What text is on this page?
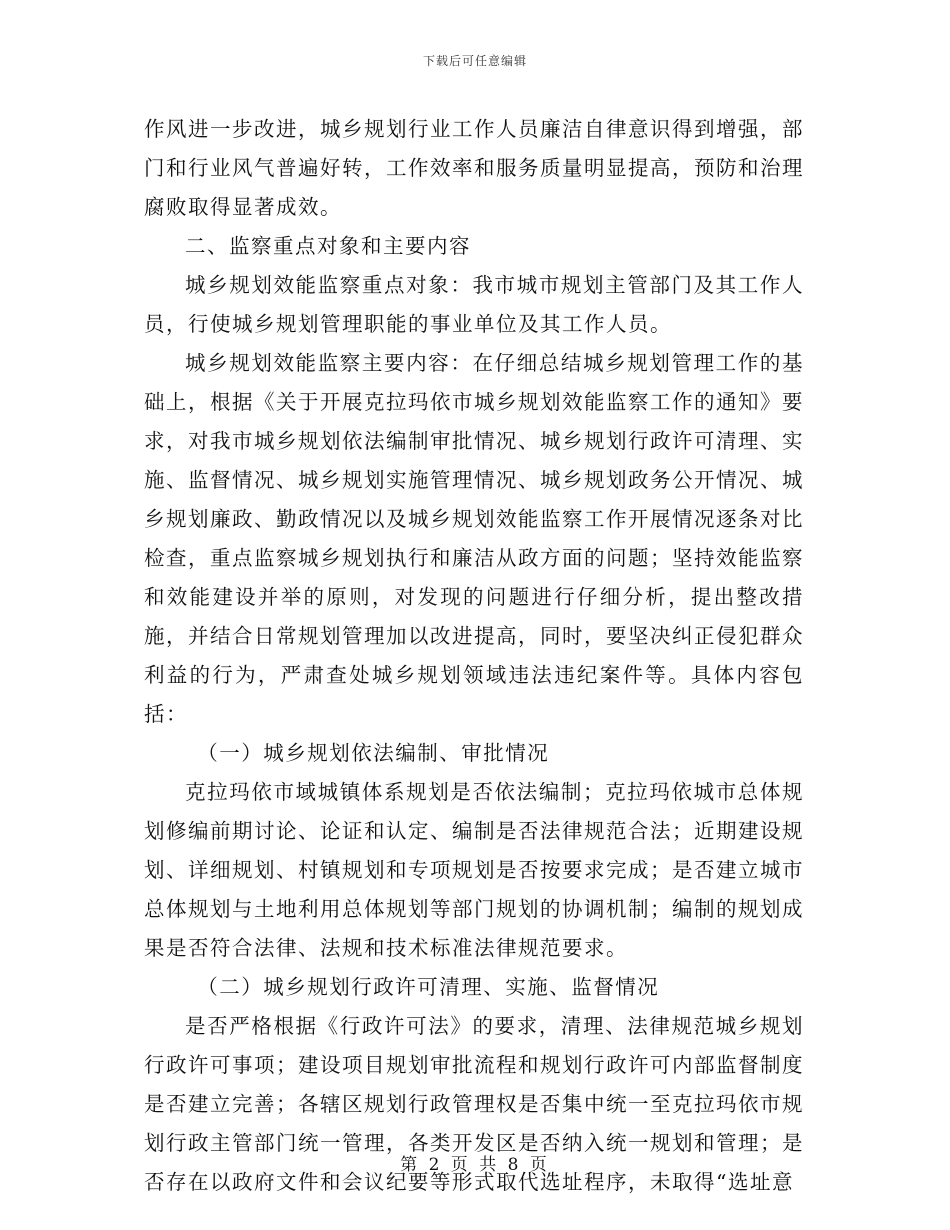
下载后可任意编辑

作风进一步改进，城乡规划行业工作人员廉洁自律意识得到增强，部门和行业风气普遍好转，工作效率和服务质量明显提高，预防和治理腐败取得显著成效。

二、监察重点对象和主要内容

城乡规划效能监察重点对象：我市城市规划主管部门及其工作人员，行使城乡规划管理职能的事业单位及其工作人员。

城乡规划效能监察主要内容：在仔细总结城乡规划管理工作的基础上，根据《关于开展克拉玛依市城乡规划效能监察工作的通知》要求，对我市城乡规划依法编制审批情况、城乡规划行政许可清理、实施、监督情况、城乡规划实施管理情况、城乡规划政务公开情况、城乡规划廉政、勤政情况以及城乡规划效能监察工作开展情况逐条对比检查，重点监察城乡规划执行和廉洁从政方面的问题；坚持效能监察和效能建设并举的原则，对发现的问题进行仔细分析，提出整改措施，并结合日常规划管理加以改进提高，同时，要坚决纠正侵犯群众利益的行为，严肃查处城乡规划领域违法违纪案件等。具体内容包括：

（一）城乡规划依法编制、审批情况

克拉玛依市域城镇体系规划是否依法编制；克拉玛依城市总体规划修编前期讨论、论证和认定、编制是否法律规范合法；近期建设规划、详细规划、村镇规划和专项规划是否按要求完成；是否建立城市总体规划与土地利用总体规划等部门规划的协调机制；编制的规划成果是否符合法律、法规和技术标准法律规范要求。

（二）城乡规划行政许可清理、实施、监督情况

是否严格根据《行政许可法》的要求，清理、法律规范城乡规划行政许可事项；建设项目规划审批流程和规划行政许可内部监督制度是否建立完善；各辖区规划行政管理权是否集中统一至克拉玛依市规划行政主管部门统一管理，各类开发区是否纳入统一规划和管理；是否存在以政府文件和会议纪要等形式取代选址程序，未取得“选址意

第 2 页 共 8 页
